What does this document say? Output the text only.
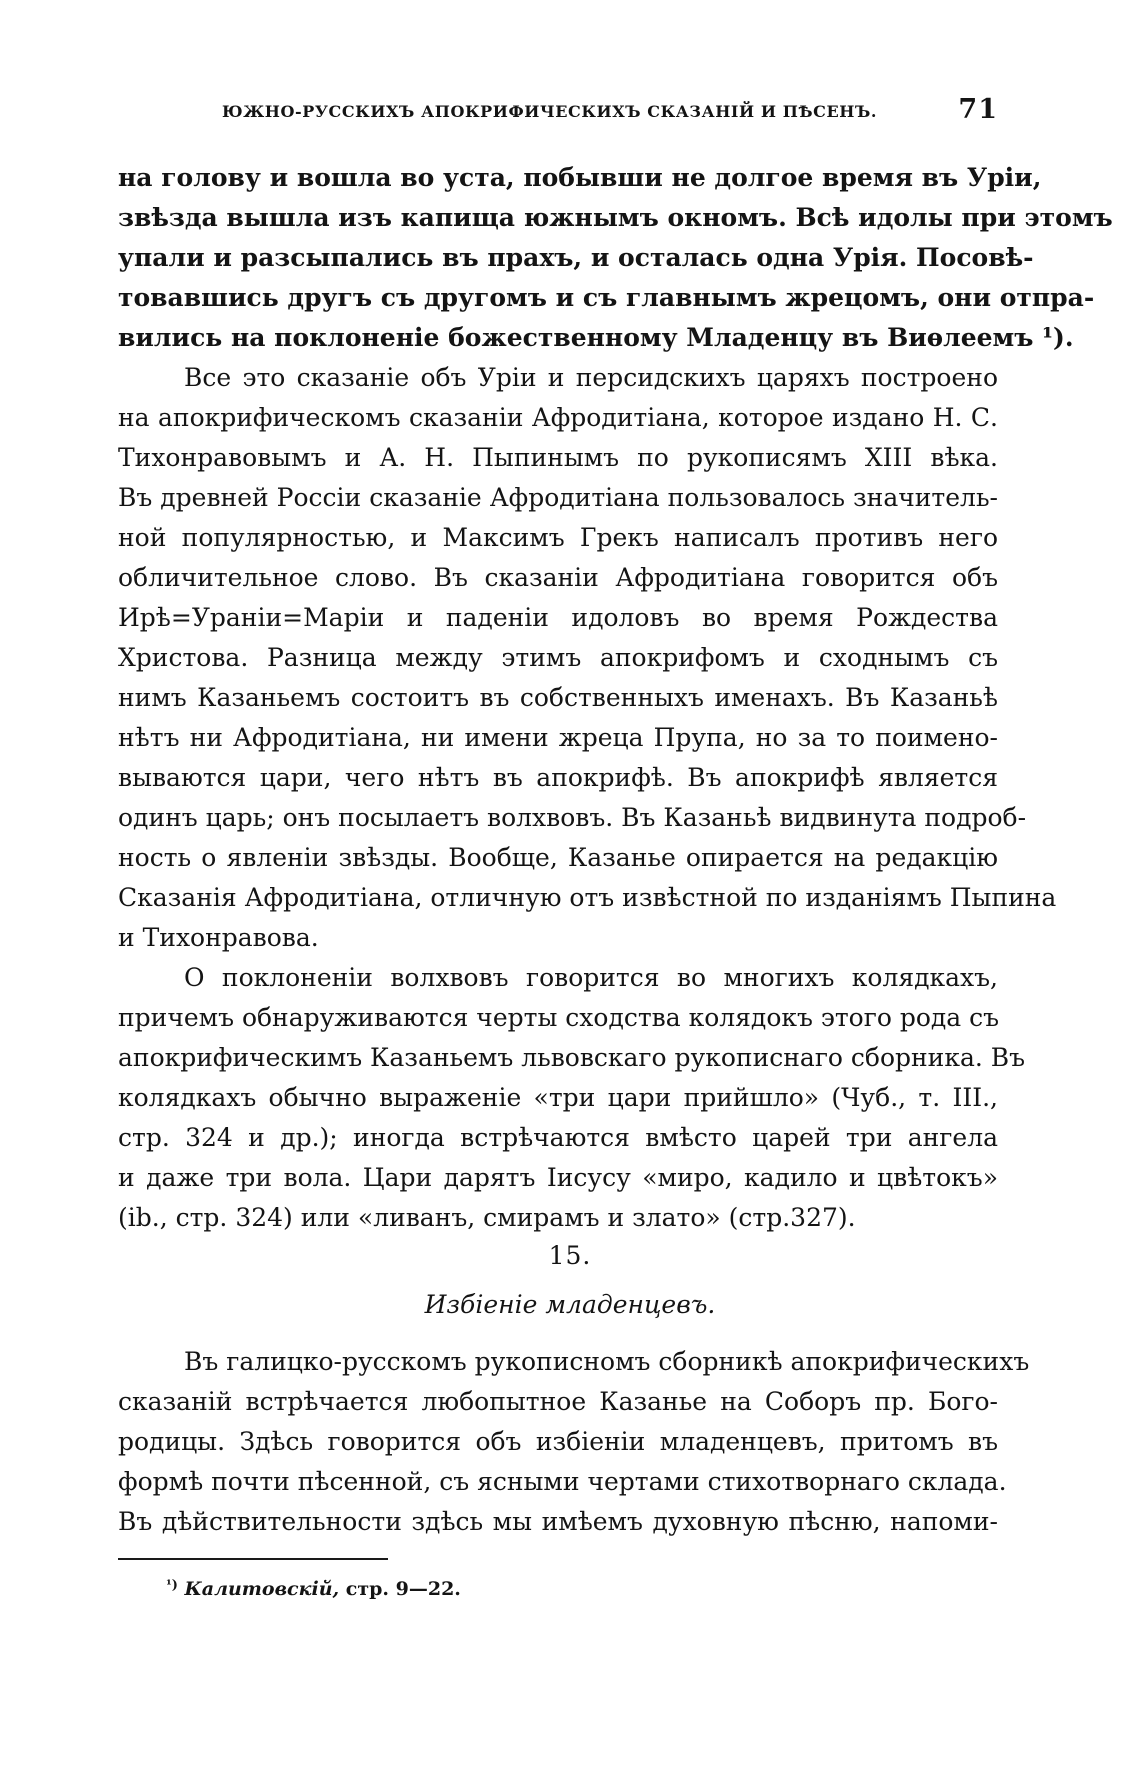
ЮЖНО-РУССКИХЪ АПОКРИФИЧЕСКИХЪ СКАЗАНІЙ И ПѢСЕНЪ.	71
на голову и вошла во уста, побывши не долгое время въ Уріи,
звѣзда вышла изъ капища южнымъ окномъ. Всѣ идолы при этомъ
упали и разсыпались въ прахъ, и осталась одна Урія. Посовѣ-
товавшись другъ съ другомъ и съ главнымъ жрецомъ, они отпра-
вились на поклоненіе божественному Младенцу въ Виѳлеемъ ¹).
Все это сказаніе объ Уріи и персидскихъ царяхъ построено
на апокрифическомъ сказаніи Афродитіана, которое издано Н. С.
Тихонравовымъ и А. Н. Пыпинымъ по рукописямъ XIII вѣка.
Въ древней Россіи сказаніе Афродитіана пользовалось значитель-
ной популярностью, и Максимъ Грекъ написалъ противъ него
обличительное слово. Въ сказаніи Афродитіана говорится объ
Ирѣ=Ураніи=Маріи и паденіи идоловъ во время Рождества
Христова. Разница между этимъ апокрифомъ и сходнымъ съ
нимъ Казаньемъ состоитъ въ собственныхъ именахъ. Въ Казаньѣ
нѣтъ ни Афродитіана, ни имени жреца Прупа, но за то поимено-
вываются цари, чего нѣтъ въ апокрифѣ. Въ апокрифѣ является
одинъ царь; онъ посылаетъ волхвовъ. Въ Казаньѣ видвинута подроб-
ность о явленіи звѣзды. Вообще, Казанье опирается на редакцію
Сказанія Афродитіана, отличную отъ извѣстной по изданіямъ Пыпина
и Тихонравова.
О поклоненіи волхвовъ говорится во многихъ колядкахъ,
причемъ обнаруживаются черты сходства колядокъ этого рода съ
апокрифическимъ Казаньемъ львовскаго рукописнаго сборника. Въ
колядкахъ обычно выраженіе «три цари прийшло» (Чуб., т. III.,
стр. 324 и др.); иногда встрѣчаются вмѣсто царей три ангела
и даже три вола. Цари дарятъ Іисусу «миро, кадило и цвѣтокъ»
(ib., стр. 324) или «ливанъ, смирамъ и злато» (стр.327).
15.
Избіеніе младенцевъ.
Въ галицко-русскомъ рукописномъ сборникѣ апокрифическихъ
сказаній встрѣчается любопытное Казанье на Соборъ пр. Бого-
родицы. Здѣсь говорится объ избіеніи младенцевъ, притомъ въ
формѣ почти пѣсенной, съ ясными чертами стихотворнаго склада.
Въ дѣйствительности здѣсь мы имѣемъ духовную пѣсню, напоми-
$^{^1)}$ Калитовскій, стр. 9—22.
